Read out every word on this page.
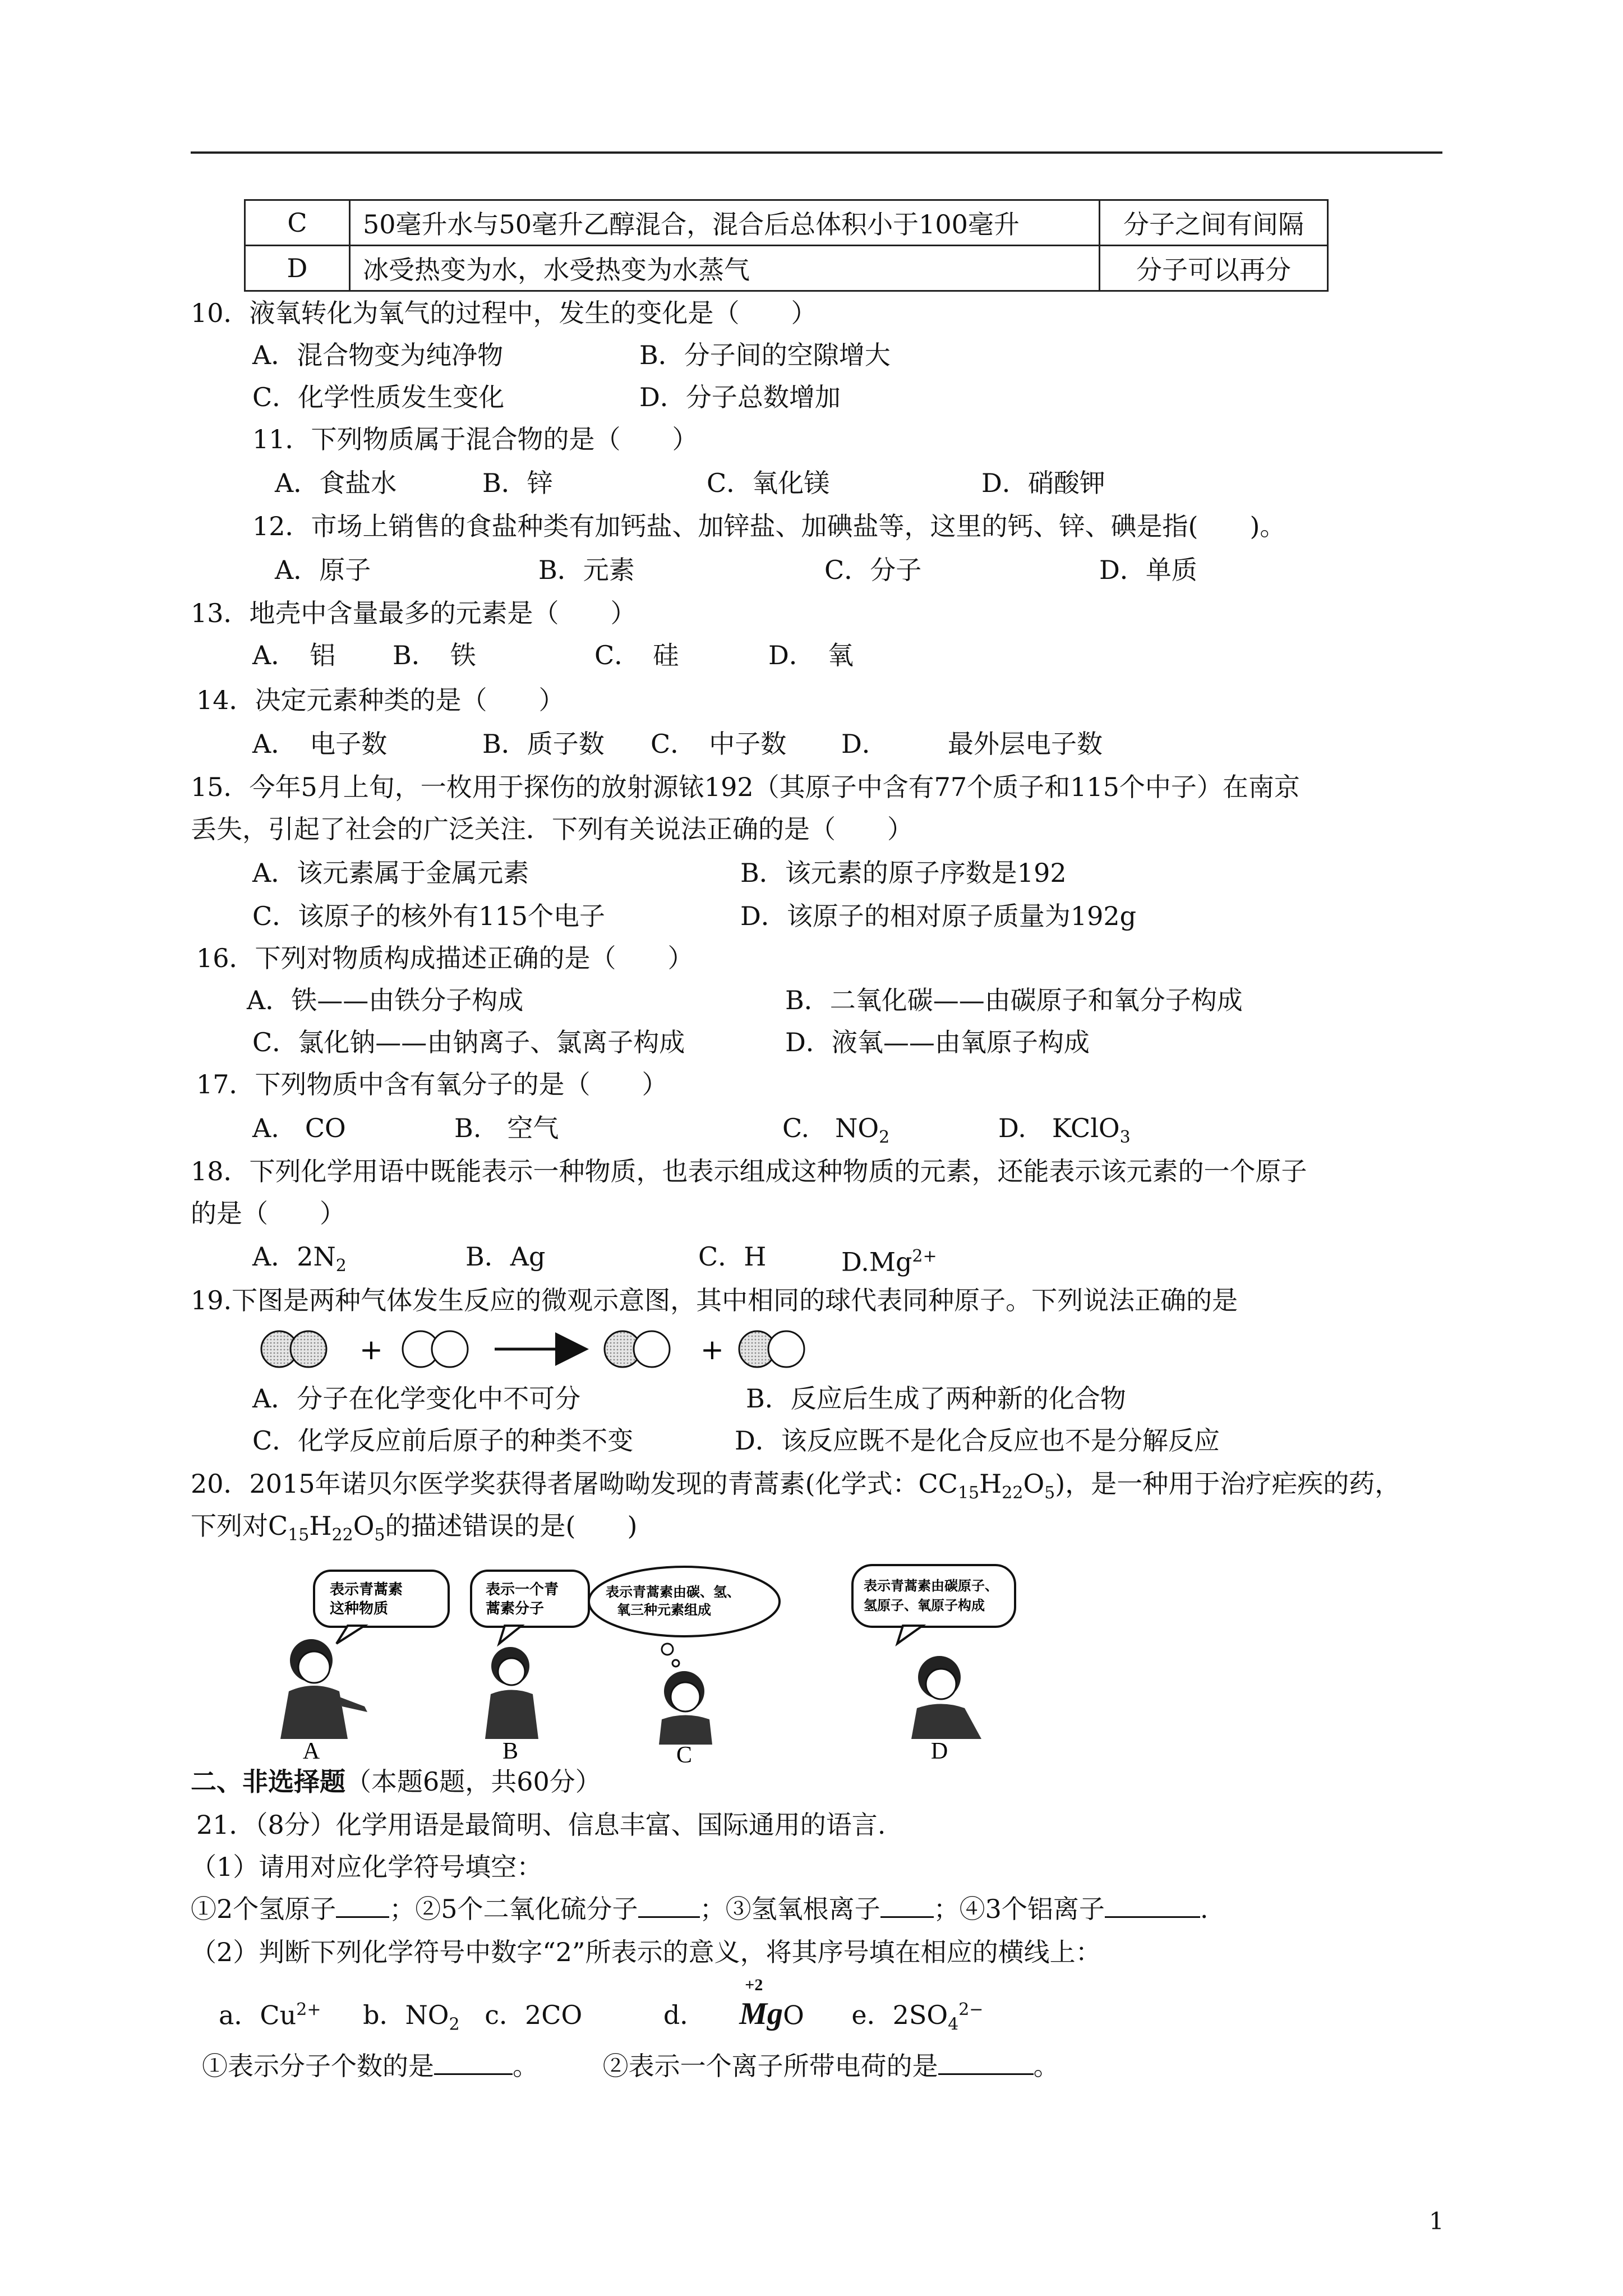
C	50毫升水与50毫升乙醇混合，混合后总体积小于100毫升	分子之间有间隔
D	冰受热变为水，水受热变为水蒸气	分子可以再分
10．液氧转化为氧气的过程中，发生的变化是（　　）
A．混合物变为纯净物	B．分子间的空隙增大
C．化学性质发生变化	D．分子总数增加
11．下列物质属于混合物的是（　　）
A．食盐水	B．锌	C．氧化镁	D．硝酸钾
12．市场上销售的食盐种类有加钙盐、加锌盐、加碘盐等，这里的钙、锌、碘是指(　　)。
A．原子	B．元素	C．分子	D．单质
13．地壳中含量最多的元素是（　　）
A．　铝 B．　铁	C．　硅	D．　氧
14．决定元素种类的是（　　）
A．　电子数	B．质子数 C．　中子数 D． 最外层电子数
15．今年5月上旬，一枚用于探伤的放射源铱192（其原子中含有77个质子和115个中子）在南京
丢失，引起了社会的广泛关注．下列有关说法正确的是（　　）
A．该元素属于金属元素	B．该元素的原子序数是192
C．该原子的核外有115个电子	D．该原子的相对原子质量为192g
16．下列对物质构成描述正确的是（　　）
A．铁——由铁分子构成	B．二氧化碳——由碳原子和氧分子构成
C．氯化钠——由钠离子、氯离子构成	D．液氧——由氧原子构成
17．下列物质中含有氧分子的是（　　）
A.　CO	B.　空气	C.　$NO_2$	D.　KClO$_3$
18．下列化学用语中既能表示一种物质，也表示组成这种物质的元素，还能表示该元素的一个原子
的是（　　）
A．$2N_2$	B．Ag	C．H	$D.Mg^{2+}$
19.下图是两种气体发生反应的微观示意图，其中相同的球代表同种原子。下列说法正确的是
+	+
A．分子在化学变化中不可分	B．反应后生成了两种新的化合物
C．化学反应前后原子的种类不变	D．该反应既不是化合反应也不是分解反应
20．2015年诺贝尔医学奖获得者屠呦呦发现的青蒿素(化学式：$CC_{15}H_{22}O_5$)，是一种用于治疗疟疾的药，
下列对$C_{15}H_{22}O_5$的描述错误的是(　　)
表示青蒿素
这种物质
A
表示一个青
蒿素分子
B
表示青蒿素由碳、氢、
氧三种元素组成
C
表示青蒿素由碳原子、
氢原子、氧原子构成
D
二、非选择题（本题6题，共60分）
21．（8分）化学用语是最简明、信息丰富、国际通用的语言.
（1）请用对应化学符号填空：
①2个氢原子 ；②5个二氧化硫分子 ；③氢氧根离子 ；④3个铝离子	.
（2）判断下列化学符号中数字“2”所表示的意义，将其序号填在相应的横线上：
a．$Cu^{2+}$ b．$NO_2$ c．2CO	d．
+2
MgO e．$2SO_4^{2-}$
①表示分子个数的是	。 ②表示一个离子所带电荷的是	。
1
